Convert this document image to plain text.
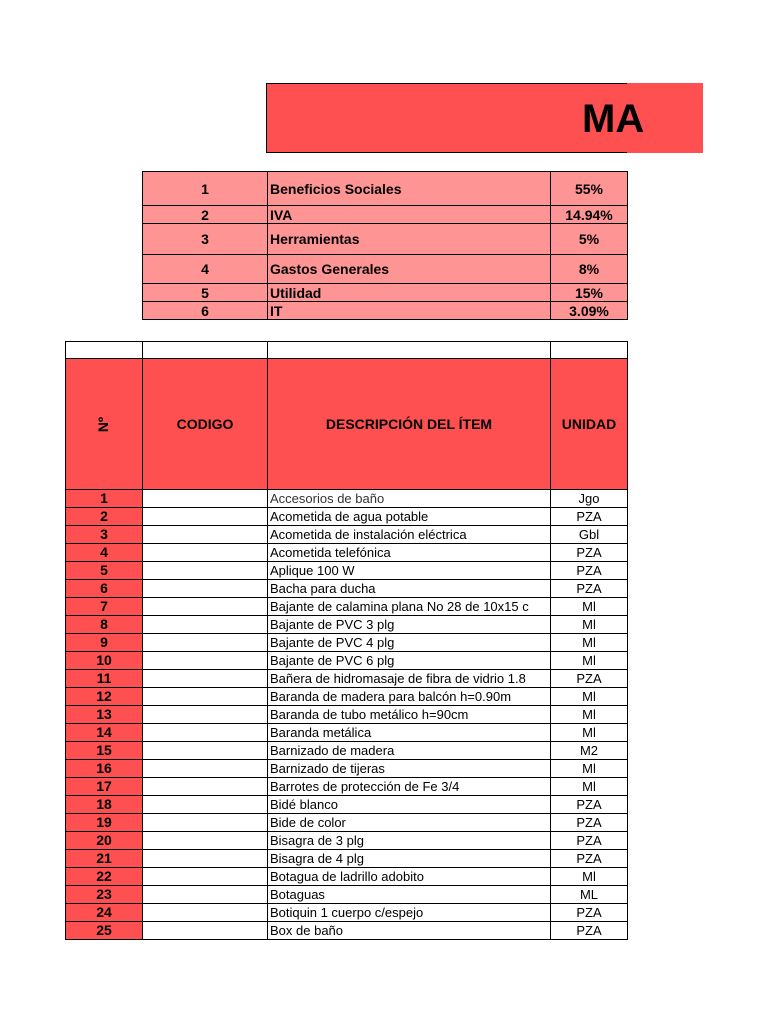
MA
1	Beneficios Sociales	55%
2	IVA	14.94%
3	Herramientas	5%
4	Gastos Generales	8%
5	Utilidad	15%
6	IT	3.09%

Nº	CODIGO	DESCRIPCIÓN DEL ÍTEM	UNIDAD
1		Accesorios de baño	Jgo
2		Acometida de agua potable	PZA
3		Acometida de instalación eléctrica	Gbl
4		Acometida telefónica	PZA
5		Aplique 100 W	PZA
6		Bacha para ducha	PZA
7		Bajante de calamina plana No 28 de 10x15 c	Ml
8		Bajante de PVC 3 plg	Ml
9		Bajante de PVC 4 plg	Ml
10		Bajante de PVC 6 plg	Ml
11		Bañera de hidromasaje de fibra de vidrio 1.8	PZA
12		Baranda de madera para balcón h=0.90m	Ml
13		Baranda de tubo metálico h=90cm	Ml
14		Baranda metálica	Ml
15		Barnizado de madera	M2
16		Barnizado de tijeras	Ml
17		Barrotes de protección de Fe 3/4	Ml
18		Bidé blanco	PZA
19		Bide de color	PZA
20		Bisagra de 3 plg	PZA
21		Bisagra de 4 plg	PZA
22		Botagua de ladrillo adobito	Ml
23		Botaguas	ML
24		Botiquin 1 cuerpo c/espejo	PZA
25		Box de baño	PZA
